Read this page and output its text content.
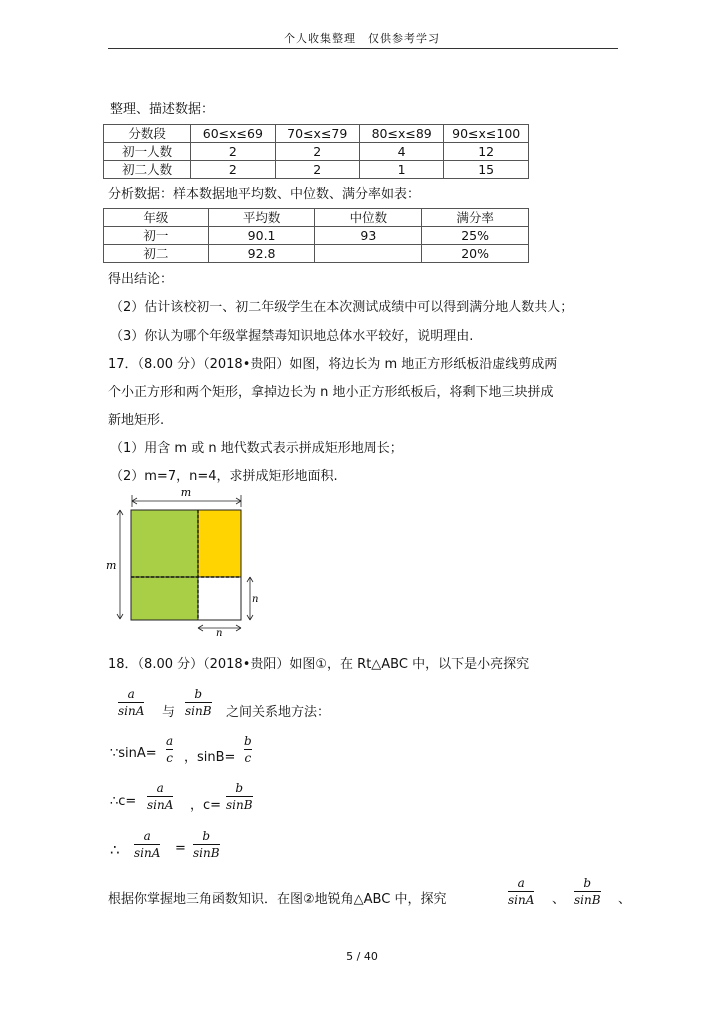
个人收集整理　仅供参考学习
整理、描述数据：
分数段	60≤x≤69	70≤x≤79	80≤x≤89	90≤x≤100
初一人数	2	2	4	12
初二人数	2	2	1	15
分析数据：样本数据地平均数、中位数、满分率如表：
年级	平均数	中位数	满分率
初一	90.1	93	25%
初二	92.8		20%
得出结论：
（2）估计该校初一、初二年级学生在本次测试成绩中可以得到满分地人数共人；
（3）你认为哪个年级掌握禁毒知识地总体水平较好，说明理由.
17．（8.00 分）（2018•贵阳）如图，将边长为 m 地正方形纸板沿虚线剪成两
个小正方形和两个矩形，拿掉边长为 n 地小正方形纸板后，将剩下地三块拼成
新地矩形.
（1）用含 m 或 n 地代数式表示拼成矩形地周长；
（2）m=7，n=4，求拼成矩形地面积.
m
m
n
n
18．（8.00 分）（2018•贵阳）如图①，在 Rt△ABC 中，以下是小亮探究
$\frac{a}{\sin A}$ 与 $\frac{b}{\sin B}$ 之间关系地方法：
∵sinA= $\frac{a}{c}$ ，$\sin B= \frac{b}{c}$
∴c= $\frac{a}{\sin A}$ ，$c= \frac{b}{\sin B}$
∴ $\frac{a}{\sin A} = \frac{b}{\sin B}$
根据你掌握地三角函数知识．在图②地锐角△ABC 中，探究	$\frac{a}{\sin A}$ 、 $\frac{b}{\sin B}$ 、
5 / 40
